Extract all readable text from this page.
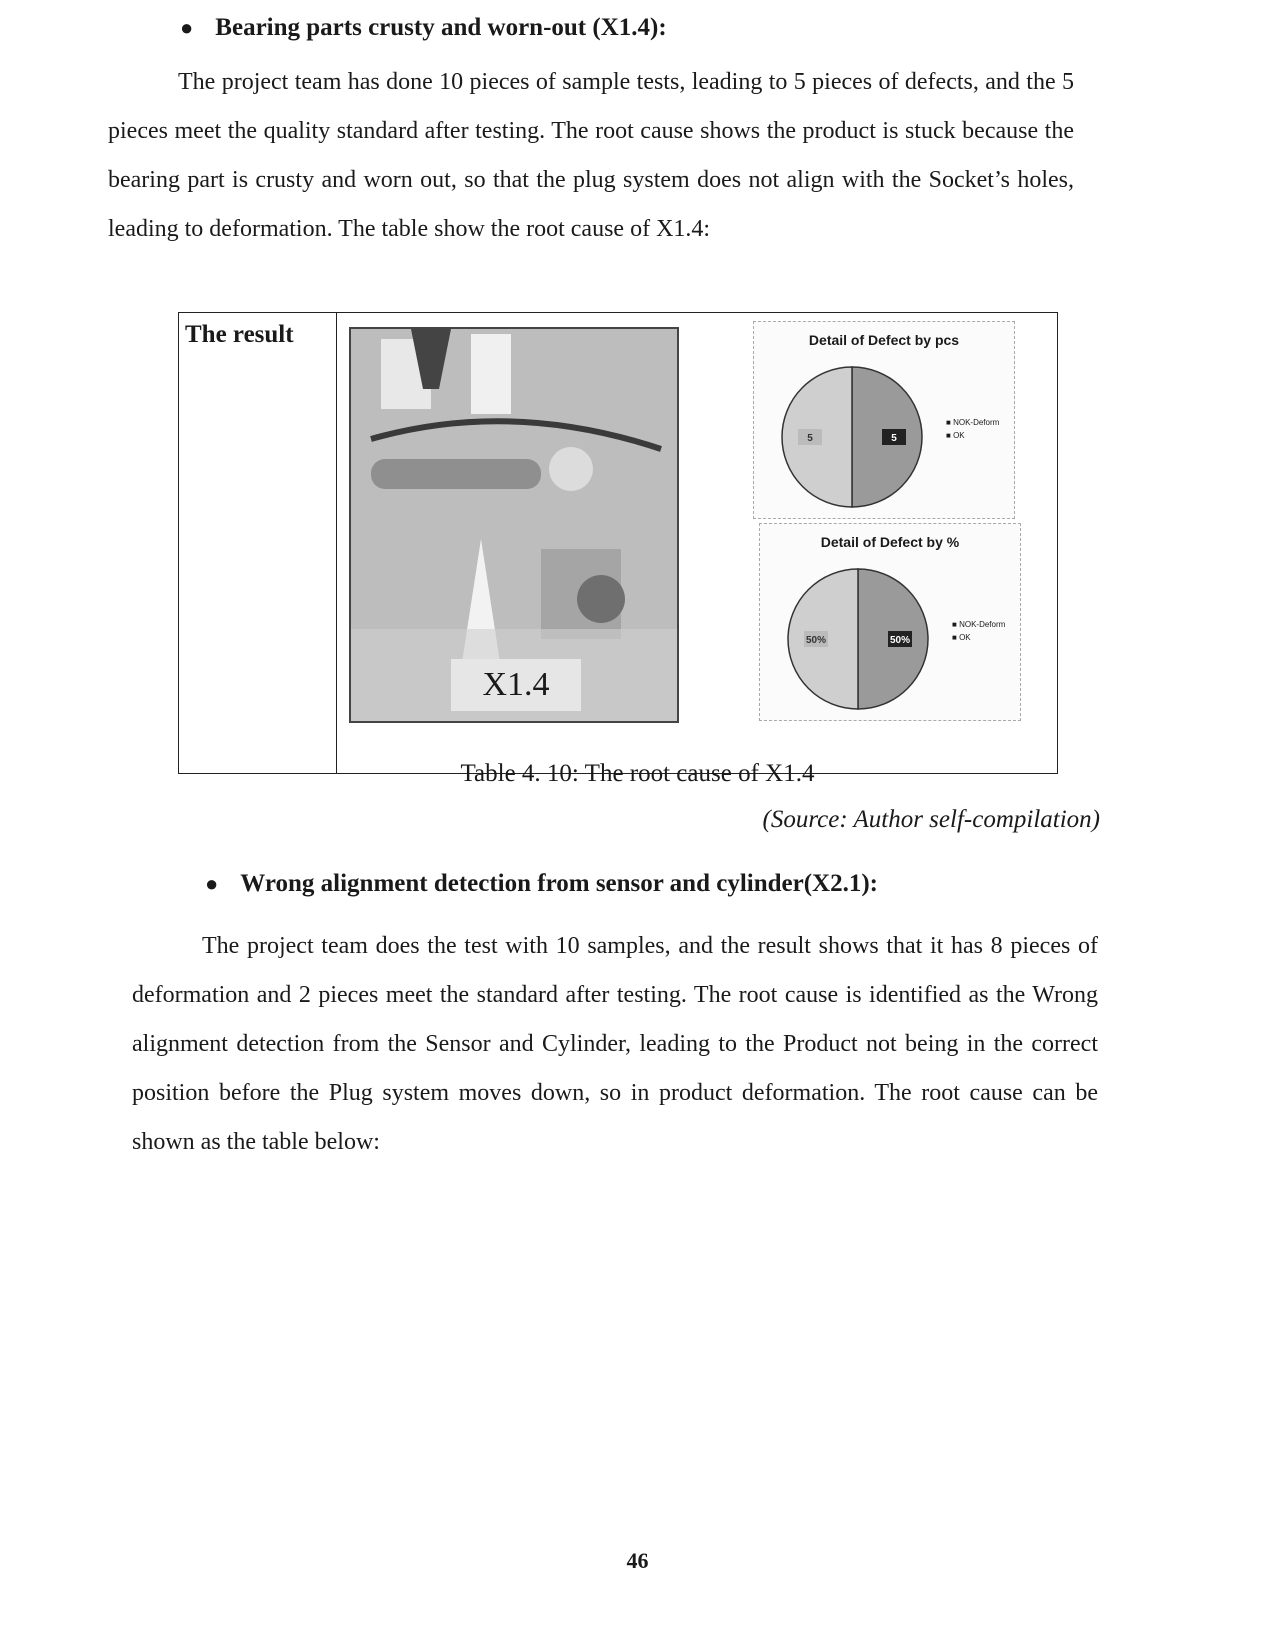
● Bearing parts crusty and worn-out (X1.4):
The project team has done 10 pieces of sample tests, leading to 5 pieces of defects, and the 5 pieces meet the quality standard after testing. The root cause shows the product is stuck because the bearing part is crusty and worn out, so that the plug system does not align with the Socket’s holes, leading to deformation. The table show the root cause of X1.4:
The result
X1.4
Detail of Defect by pcs
5
5
■ NOK-Deform
■ OK
Detail of Defect by %
50%
50%
■ NOK-Deform
■ OK
Table 4. 10: The root cause of X1.4
(Source: Author self-compilation)
● Wrong alignment detection from sensor and cylinder(X2.1):
The project team does the test with 10 samples, and the result shows that it has 8 pieces of deformation and 2 pieces meet the standard after testing. The root cause is identified as the Wrong alignment detection from the Sensor and Cylinder, leading to the Product not being in the correct position before the Plug system moves down, so in product deformation. The root cause can be shown as the table below:
46
